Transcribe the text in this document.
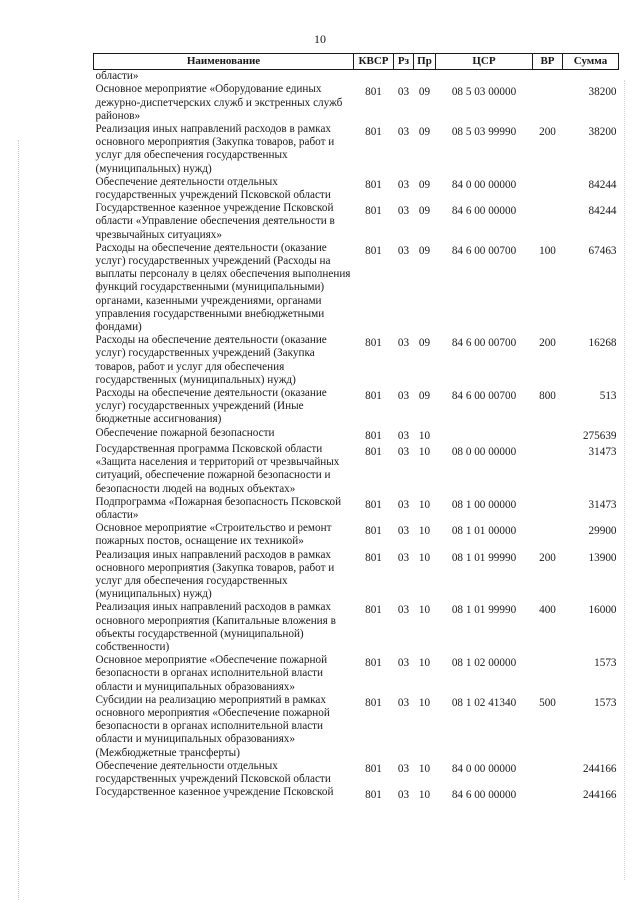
10
Наименование	КВСР	Рз	Пр	ЦСР	ВР	Сумма
области»						
Основное мероприятие «Оборудование единых дежурно-диспетчерских служб и экстренных служб районов»	801	03	09	08 5 03 00000		38200
Реализация иных направлений расходов в рамках основного мероприятия (Закупка товаров, работ и услуг для обеспечения государственных (муниципальных) нужд)	801	03	09	08 5 03 99990	200	38200
Обеспечение деятельности отдельных государственных учреждений Псковской области	801	03	09	84 0 00 00000		84244
Государственное казенное учреждение Псковской области «Управление обеспечения деятельности в чрезвычайных ситуациях»	801	03	09	84 6 00 00000		84244
Расходы на обеспечение деятельности (оказание услуг) государственных учреждений (Расходы на выплаты персоналу в целях обеспечения выполнения функций государственными (муниципальными) органами, казенными учреждениями, органами управления государственными внебюджетными фондами)	801	03	09	84 6 00 00700	100	67463
Расходы на обеспечение деятельности (оказание услуг) государственных учреждений (Закупка товаров, работ и услуг для обеспечения государственных (муниципальных) нужд)	801	03	09	84 6 00 00700	200	16268
Расходы на обеспечение деятельности (оказание услуг) государственных учреждений (Иные бюджетные ассигнования)	801	03	09	84 6 00 00700	800	513
Обеспечение пожарной безопасности	801	03	10			275639
Государственная программа Псковской области «Защита населения и территорий от чрезвычайных ситуаций, обеспечение пожарной безопасности и безопасности людей на водных объектах»	801	03	10	08 0 00 00000		31473
Подпрограмма «Пожарная безопасность Псковской области»	801	03	10	08 1 00 00000		31473
Основное мероприятие «Строительство и ремонт пожарных постов, оснащение их техникой»	801	03	10	08 1 01 00000		29900
Реализация иных направлений расходов в рамках основного мероприятия (Закупка товаров, работ и услуг для обеспечения государственных (муниципальных) нужд)	801	03	10	08 1 01 99990	200	13900
Реализация иных направлений расходов в рамках основного мероприятия (Капитальные вложения в объекты государственной (муниципальной) собственности)	801	03	10	08 1 01 99990	400	16000
Основное мероприятие «Обеспечение пожарной безопасности в органах исполнительной власти области и муниципальных образованиях»	801	03	10	08 1 02 00000		1573
Субсидии на реализацию мероприятий в рамках основного мероприятия «Обеспечение пожарной безопасности в органах исполнительной власти области и муниципальных образованиях» (Межбюджетные трансферты)	801	03	10	08 1 02 41340	500	1573
Обеспечение деятельности отдельных государственных учреждений Псковской области	801	03	10	84 0 00 00000		244166
Государственное казенное учреждение Псковской	801	03	10	84 6 00 00000		244166
